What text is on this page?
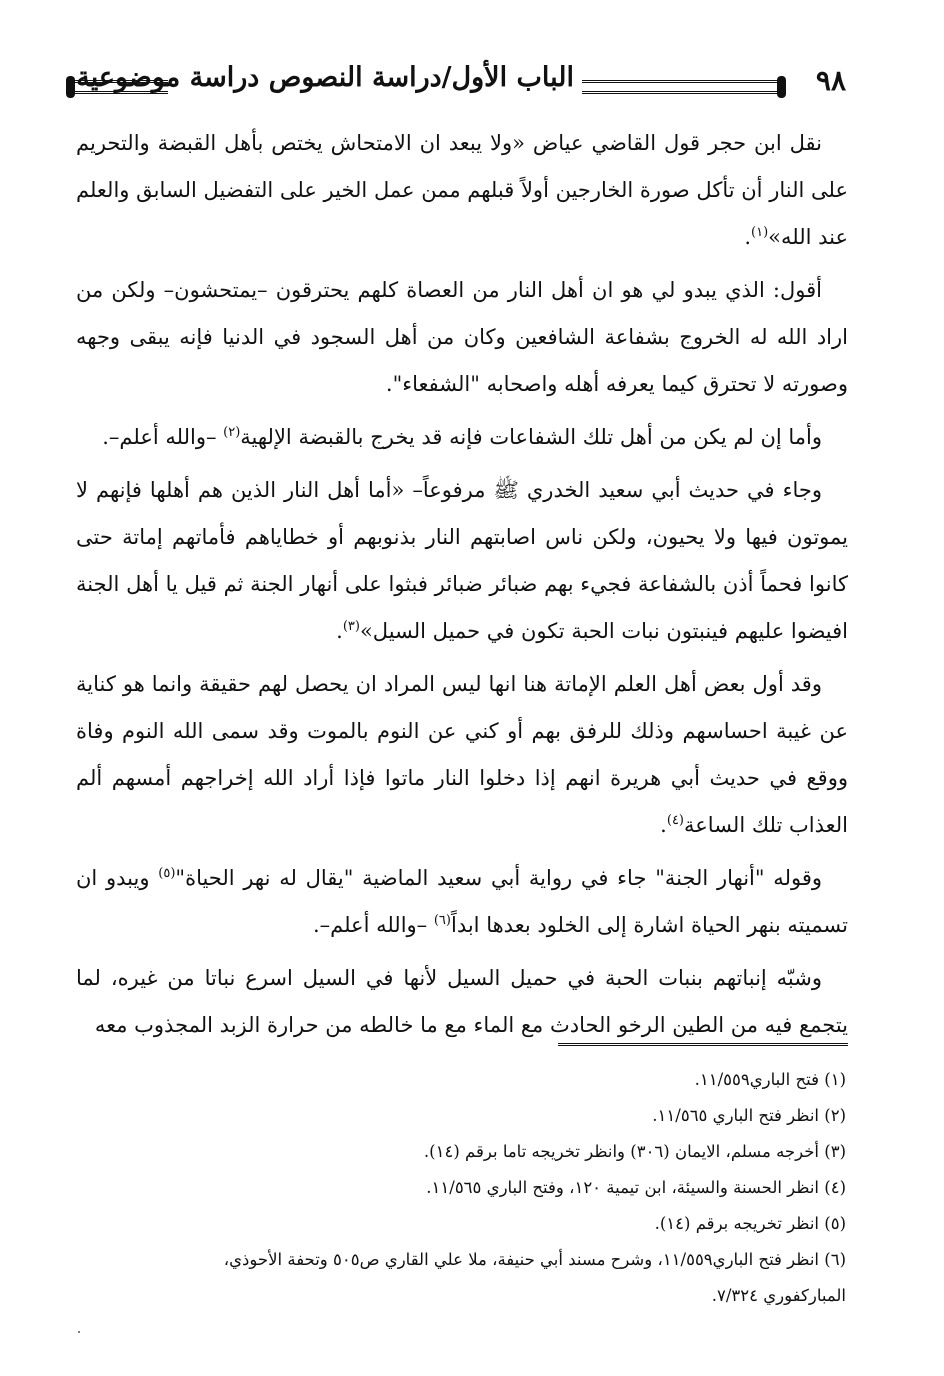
٩٨
الباب الأول/دراسة النصوص دراسة موضوعية

نقل ابن حجر قول القاضي عياض «ولا يبعد ان الامتحاش يختص بأهل القبضة والتحريم على النار أن تأكل صورة الخارجين أولاً قبلهم ممن عمل الخير على التفضيل السابق والعلم عند الله»$^{(١)}$.

أقول: الذي يبدو لي هو ان أهل النار من العصاة كلهم يحترقون –يمتحشون– ولكن من اراد الله له الخروج بشفاعة الشافعين وكان من أهل السجود في الدنيا فإنه يبقى وجهه وصورته لا تحترق كيما يعرفه أهله واصحابه "الشفعاء".

وأما إن لم يكن من أهل تلك الشفاعات فإنه قد يخرج بالقبضة الإلهية$^{(٢)}$ –والله أعلم–.

وجاء في حديث أبي سعيد الخدري ﷺ مرفوعاً– «أما أهل النار الذين هم أهلها فإنهم لا يموتون فيها ولا يحيون، ولكن ناس اصابتهم النار بذنوبهم أو خطاياهم فأماتهم إماتة حتى كانوا فحماً أذن بالشفاعة فجيء بهم ضبائر ضبائر فبثوا على أنهار الجنة ثم قيل يا أهل الجنة افيضوا عليهم فينبتون نبات الحبة تكون في حميل السيل»$^{(٣)}$.

وقد أول بعض أهل العلم الإماتة هنا انها ليس المراد ان يحصل لهم حقيقة وانما هو كناية عن غيبة احساسهم وذلك للرفق بهم أو كني عن النوم بالموت وقد سمى الله النوم وفاة ووقع في حديث أبي هريرة انهم إذا دخلوا النار ماتوا فإذا أراد الله إخراجهم أمسهم ألم العذاب تلك الساعة$^{(٤)}$.

وقوله "أنهار الجنة" جاء في رواية أبي سعيد الماضية "يقال له نهر الحياة"$^{(٥)}$ ويبدو ان تسميته بنهر الحياة اشارة إلى الخلود بعدها ابداً$^{(٦)}$ –والله أعلم–.

وشبّه إنباتهم بنبات الحبة في حميل السيل لأنها في السيل اسرع نباتا من غيره، لما يتجمع فيه من الطين الرخو الحادث مع الماء مع ما خالطه من حرارة الزبد المجذوب معه

(١) فتح الباري١١/٥٥٩.

(٢) انظر فتح الباري ١١/٥٦٥.

(٣) أخرجه مسلم، الايمان (٣٠٦) وانظر تخريجه تاما برقم (١٤).

(٤) انظر الحسنة والسيئة، ابن تيمية ١٢٠، وفتح الباري ١١/٥٦٥.

(٥) انظر تخريجه برقم (١٤).

(٦) انظر فتح الباري١١/٥٥٩، وشرح مسند أبي حنيفة، ملا علي القاري ص٥٠٥ وتحفة الأحوذي،
المباركفوري ٧/٣٢٤.
